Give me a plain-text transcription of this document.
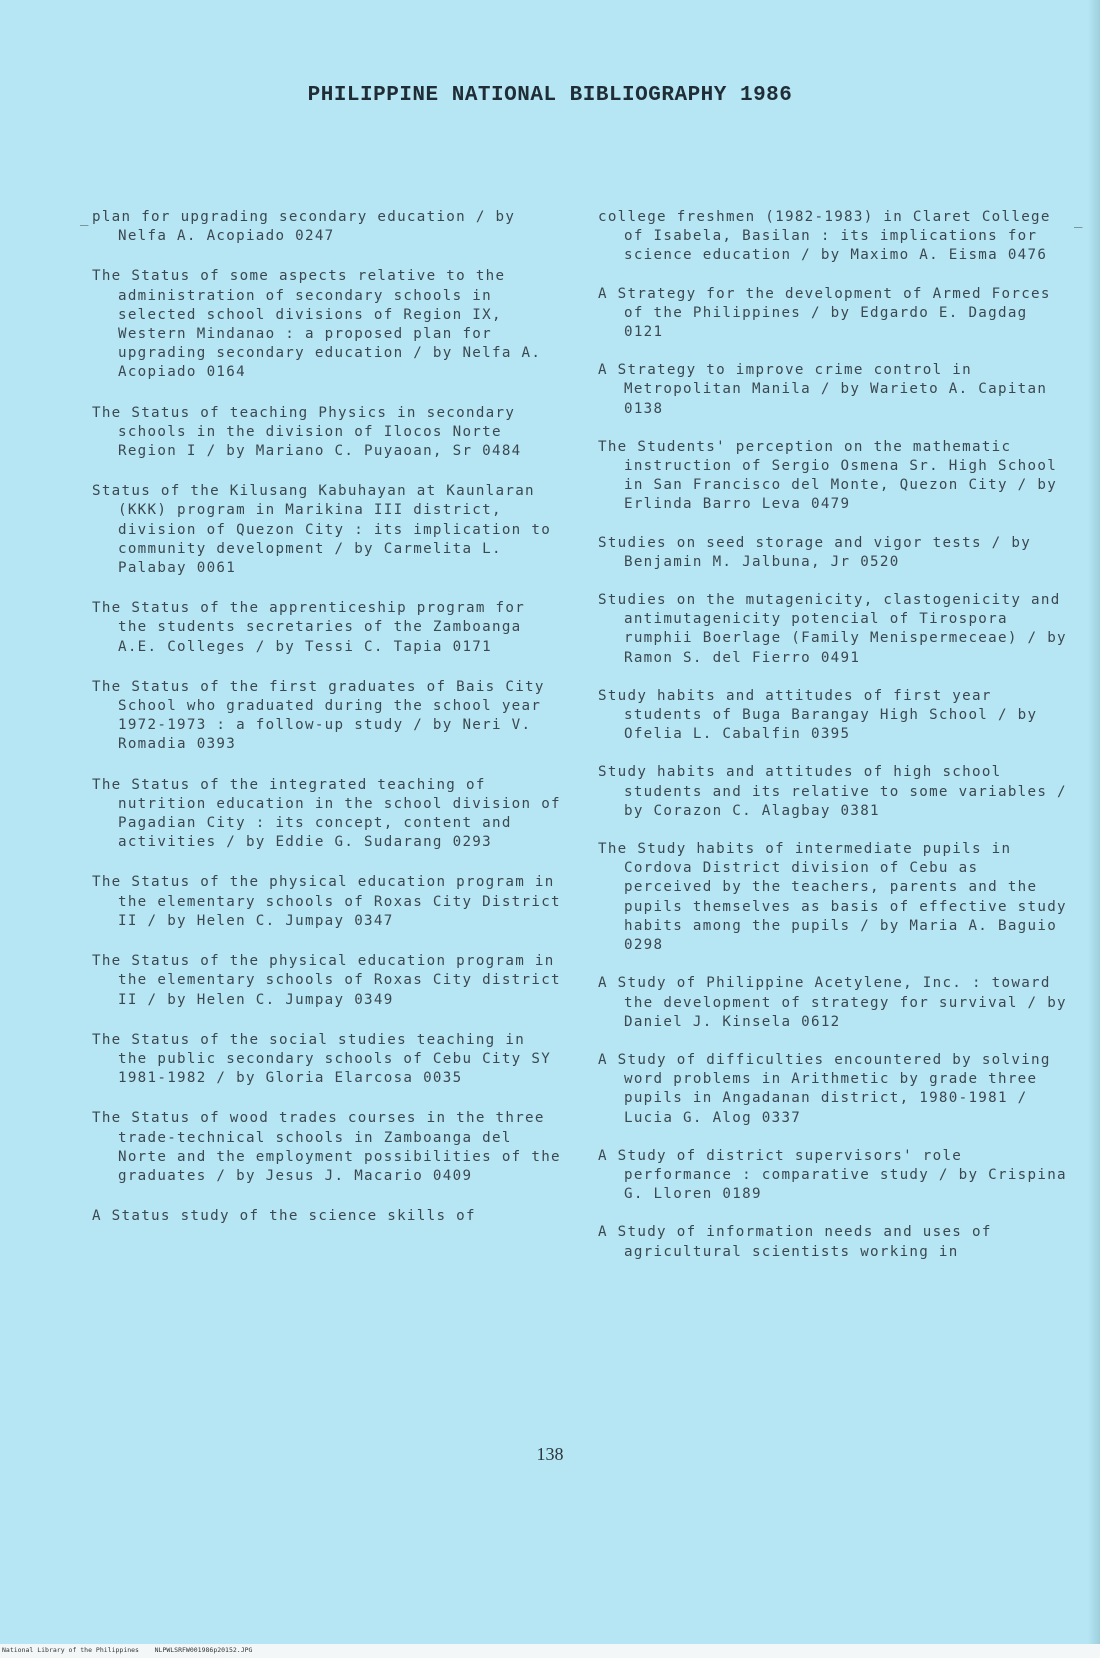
PHILIPPINE NATIONAL BIBLIOGRAPHY 1986
_	_

plan for upgrading secondary education / by Nelfa A. Acopiado 0247

The Status of some aspects relative to the administration of secondary schools in selected school divisions of Region IX, Western Mindanao : a proposed plan for upgrading secondary education / by Nelfa A. Acopiado 0164

The Status of teaching Physics in secondary schools in the division of Ilocos Norte Region I / by Mariano C. Puyaoan, Sr 0484

Status of the Kilusang Kabuhayan at Kaunlaran (KKK) program in Marikina III district, division of Quezon City : its implication to community development / by Carmelita L. Palabay 0061

The Status of the apprenticeship program for the students secretaries of the Zamboanga A.E. Colleges / by Tessi C. Tapia 0171

The Status of the first graduates of Bais City School who graduated during the school year 1972-1973 : a follow-up study / by Neri V. Romadia 0393

The Status of the integrated teaching of nutrition education in the school division of Pagadian City : its concept, content and activities / by Eddie G. Sudarang 0293

The Status of the physical education program in the elementary schools of Roxas City District II / by Helen C. Jumpay 0347

The Status of the physical education program in the elementary schools of Roxas City district II / by Helen C. Jumpay 0349

The Status of the social studies teaching in the public secondary schools of Cebu City SY 1981-1982 / by Gloria Elarcosa 0035

The Status of wood trades courses in the three trade-technical schools in Zamboanga del Norte and the employment possibilities of the graduates / by Jesus J. Macario 0409

A Status study of the science skills of

college freshmen (1982-1983) in Claret College of Isabela, Basilan : its implications for science education / by Maximo A. Eisma 0476

A Strategy for the development of Armed Forces of the Philippines / by Edgardo E. Dagdag 0121

A Strategy to improve crime control in Metropolitan Manila / by Warieto A. Capitan 0138

The Students' perception on the mathematic instruction of Sergio Osmena Sr. High School in San Francisco del Monte, Quezon City / by Erlinda Barro Leva 0479

Studies on seed storage and vigor tests / by Benjamin M. Jalbuna, Jr 0520

Studies on the mutagenicity, clastogenicity and antimutagenicity potencial of Tirospora rumphii Boerlage (Family Menispermeceae) / by Ramon S. del Fierro 0491

Study habits and attitudes of first year students of Buga Barangay High School / by Ofelia L. Cabalfin 0395

Study habits and attitudes of high school students and its relative to some variables / by Corazon C. Alagbay 0381

The Study habits of intermediate pupils in Cordova District division of Cebu as perceived by the teachers, parents and the pupils themselves as basis of effective study habits among the pupils / by Maria A. Baguio 0298

A Study of Philippine Acetylene, Inc. : toward the development of strategy for survival / by Daniel J. Kinsela 0612

A Study of difficulties encountered by solving word problems in Arithmetic by grade three pupils in Angadanan district, 1980-1981 / Lucia G. Alog 0337

A Study of district supervisors' role performance : comparative study / by Crispina G. Lloren 0189

A Study of information needs and uses of agricultural scientists working in

138
National Library of the Philippines    NLPWLSRFW001986p20152.JPG
